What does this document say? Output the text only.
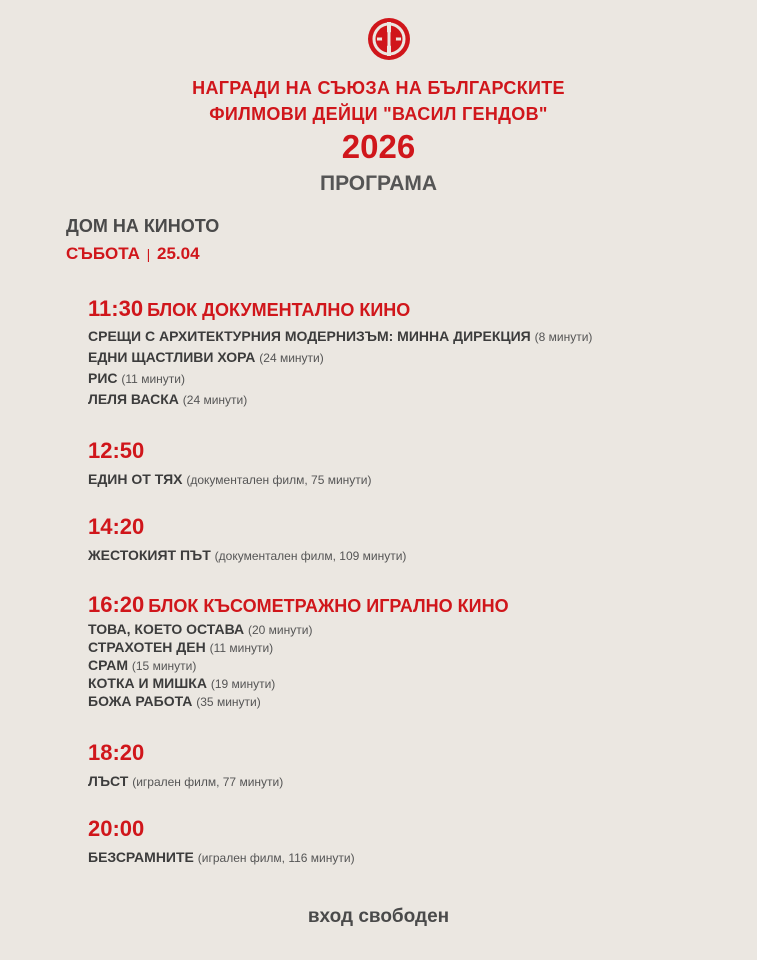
НАГРАДИ НА СЪЮЗА НА БЪЛГАРСКИТЕ
ФИЛМОВИ ДЕЙЦИ "ВАСИЛ ГЕНДОВ"
2026
ПРОГРАМА
ДОМ НА КИНОТО
СЪБОТА | 25.04
11:30 БЛОК ДОКУМЕНТАЛНО КИНО
СРЕЩИ С АРХИТЕКТУРНИЯ МОДЕРНИЗЪМ: МИННА ДИРЕКЦИЯ (8 минути)
ЕДНИ ЩАСТЛИВИ ХОРА (24 минути)
РИС (11 минути)
ЛЕЛЯ ВАСКА (24 минути)
12:50
ЕДИН ОТ ТЯХ (документален филм, 75 минути)
14:20
ЖЕСТОКИЯТ ПЪТ (документален филм, 109 минути)
16:20 БЛОК КЪСОМЕТРАЖНО ИГРАЛНО КИНО
ТОВА, КОЕТО ОСТАВА (20 минути)
СТРАХОТЕН ДЕН (11 минути)
СРАМ (15 минути)
КОТКА И МИШКА (19 минути)
БОЖА РАБОТА (35 минути)
18:20
ЛЪСТ (игрален филм, 77 минути)
20:00
БЕЗСРАМНИТЕ (игрален филм, 116 минути)
вход свободен
